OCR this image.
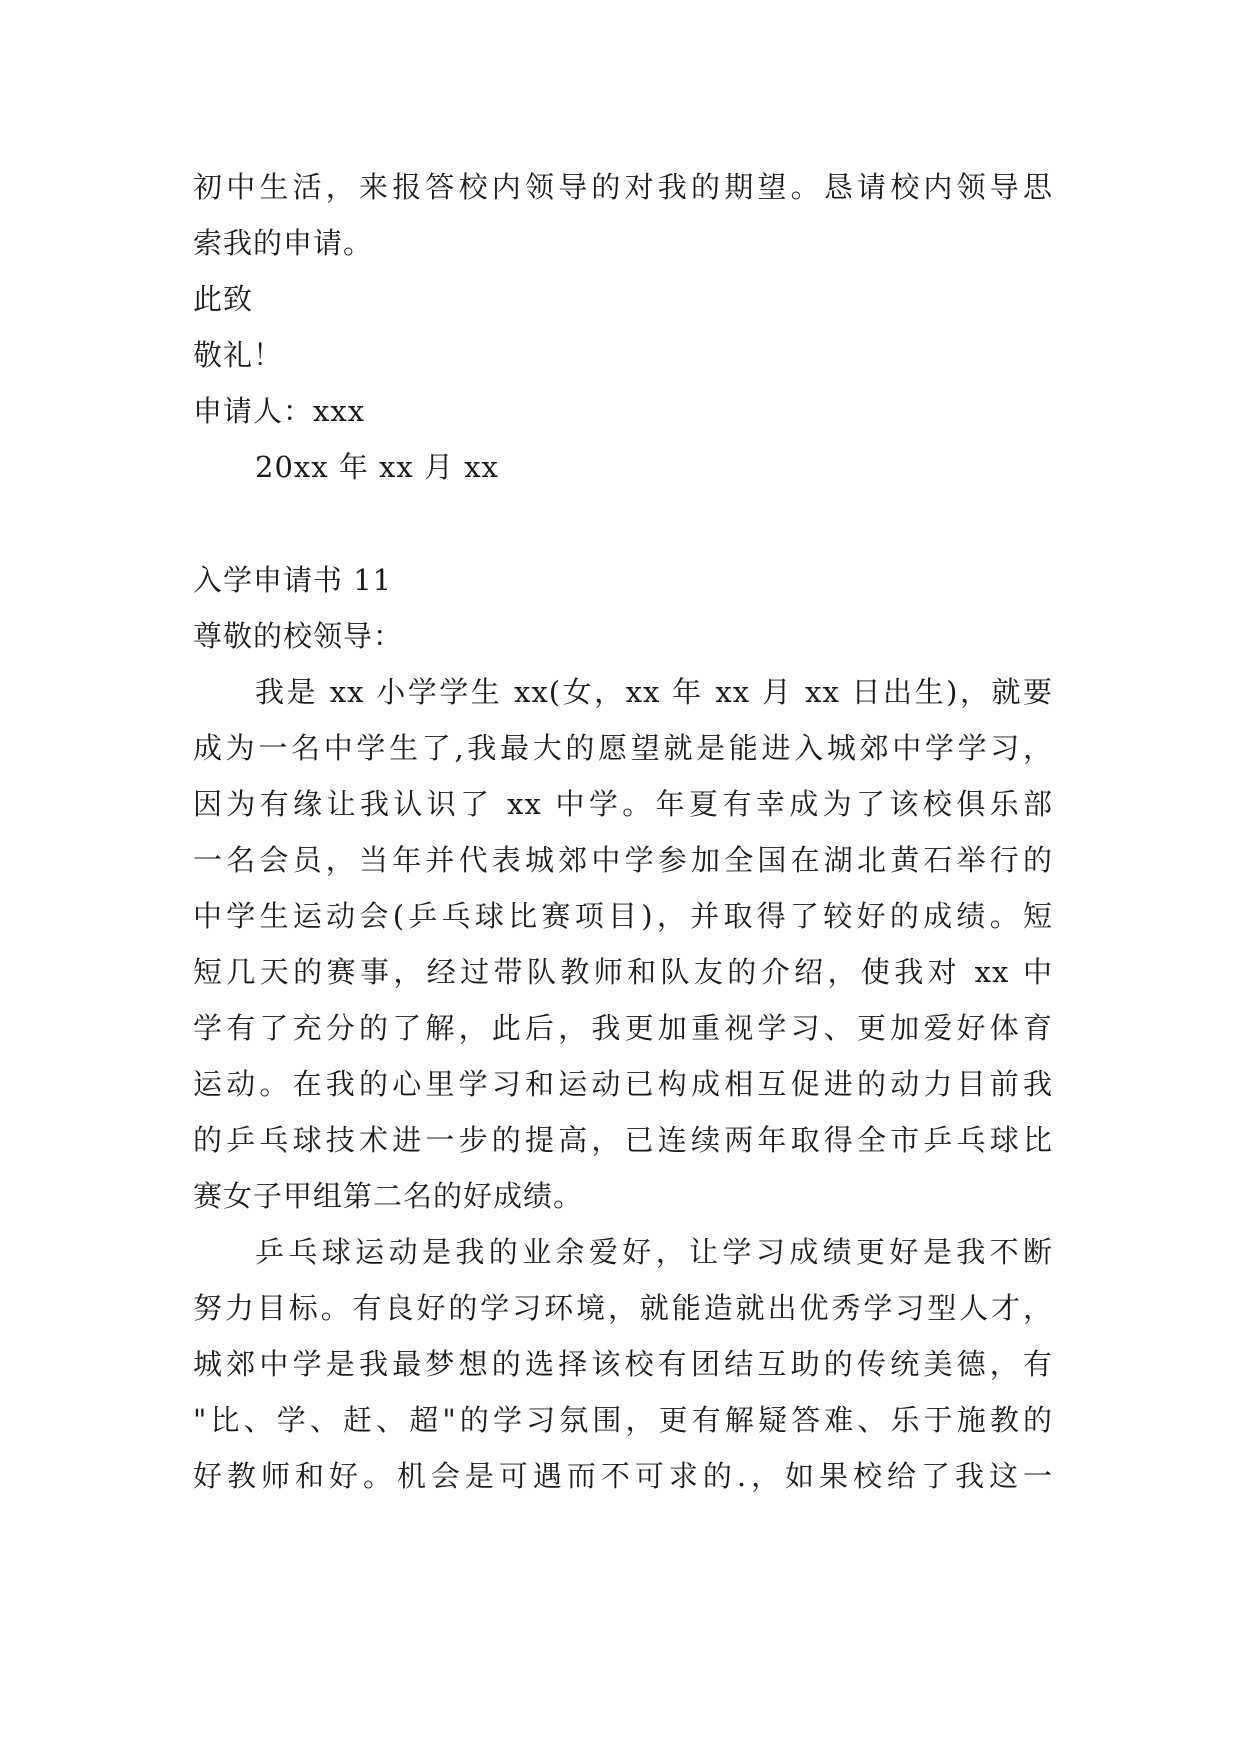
初中生活，来报答校内领导的对我的期望。恳请校内领导思
索我的申请。
此致
敬礼！
申请人：xxx
20xx 年 xx 月 xx
入学申请书 11
尊敬的校领导：
我是 xx 小学学生 xx(女，xx 年 xx 月 xx 日出生)，就要
成为一名中学生了,我最大的愿望就是能进入城郊中学学习，
因为有缘让我认识了 xx 中学。年夏有幸成为了该校俱乐部
一名会员，当年并代表城郊中学参加全国在湖北黄石举行的
中学生运动会(乒乓球比赛项目)，并取得了较好的成绩。短
短几天的赛事，经过带队教师和队友的介绍，使我对 xx 中
学有了充分的了解，此后，我更加重视学习、更加爱好体育
运动。在我的心里学习和运动已构成相互促进的动力目前我
的乒乓球技术进一步的提高，已连续两年取得全市乒乓球比
赛女子甲组第二名的好成绩。
乒乓球运动是我的业余爱好，让学习成绩更好是我不断
努力目标。有良好的学习环境，就能造就出优秀学习型人才，
城郊中学是我最梦想的选择该校有团结互助的传统美德，有
"比、学、赶、超"的学习氛围，更有解疑答难、乐于施教的
好教师和好。机会是可遇而不可求的.，如果校给了我这一
